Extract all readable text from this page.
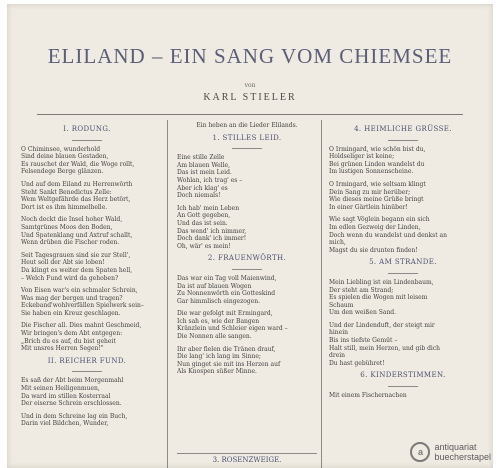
ELILAND – EIN SANG VOM CHIEMSEE
von
KARL STIELER
I. RODUNG.
O Chiminsee, wunderhold
Sind deine blauen Gestaden,
Es rauschet der Wald, die Woge rollt,
Felsendege Berge glänzen.
Und auf dem Eiland zu Herrenwörth
Steht Sankt Benedictus Zelle:
Wem Weltgefährde das Herz betört,
Dort ist es ihm himmelhelle.
Noch deckt die Insel hoher Wald,
Samtgrünes Moos den Boden,
Und Spatenklang und Axtruf schallt,
Wenn drüben die Fischer roden.
Seit Tagesgrauen sind sie zur Stell',
Heut soll der Abt sie loben!
Da klingt es weiter dem Spaten hell,
– Welch Fund wird da gehoben?
Von Eisen war's ein schmaler Schrein,
Was mag der bergen und tragen?
Eckeband'wohlverfällen Spielwerk sein–
Sie haben ein Kreuz geschlagen.
Die Fischer all. Dies mahnt Geschmeid,
Wir bringen's dem Abt entgegen:
„Brich du es auf, du bist geheit
Mit unsres Herren Segen!"
II. REICHER FUND.
Es saß der Abt beim Morgenmahl
Mit seinen Heiligenmuen,
Da ward im stillen Kosterraal
Der eiserne Schrein erschlossen.
Und in dem Schreine lag ein Buch,
Darin viel Bildchen, Wunder,
Ein heben an die Lieder Elilands.
1. STILLES LEID.
Eine stille Zelle
Am blauen Welle,
Das ist mein Leid.
Wohlan, ich trag' es –
Aber ich klag' es
Doch niemals!
Ich hab' mein Leben
An Gott gegeben,
Und das ist sein.
Das wend' ich nimmer,
Doch dank' ich immer!
Oh, wär' es mein!
2. FRAUENWÖRTH.
Das war ein Tag voll Maienwind,
Da ist auf blauen Wogen
Zu Nonnenwörth ein Gotteskind
Gar himmlisch eingezogen.
Die war gefolgt mit Ermingard,
Ich sah es, wie der Bangen
Kränzlein und Schleier eigen ward –
Die Nonnen alle sangen.
Ihr aber fielen die Tränen drauf,
Die lang' ich lang im Sinne;
Nun ginget sie mit ins Herzen auf
Als Knospen süßer Minne.
4. HEIMLICHE GRÜSSE.
O Irmingard, wie schön bist du,
Holdseliger ist keine;
Bei grünen Linden wandelst du
Im lustigen Sonnenscheine.
O Irmingard, wie seltsam klingt
Dein Sang zu mir herüber;
Wie dieses meine Grüße bringt
In einer Gärtlein hinüber!
Wie sagt Vöglein begann ein sich
Im edlen Gezweig der Linden,
Doch wenn du wandelst und denkst an
mich,
Magst du sie drunten finden!
5. AM STRANDE.
Mein Liebling ist ein Lindenbaum,
Der steht am Strand;
Es spielen die Wogen mit leisem
Schaum
Um den weißen Sand.
Und der Lindenduft, der steigt mir
hinein
Bis ins tiefste Gemüt –
Halt still, mein Herzen, und gib dich
drein
Du hast gebühret!
6. KINDERSTIMMEN.
Mit einem Fischernachen
3. ROSENZWEIGE.
a	antiquariat
buecherstapel
